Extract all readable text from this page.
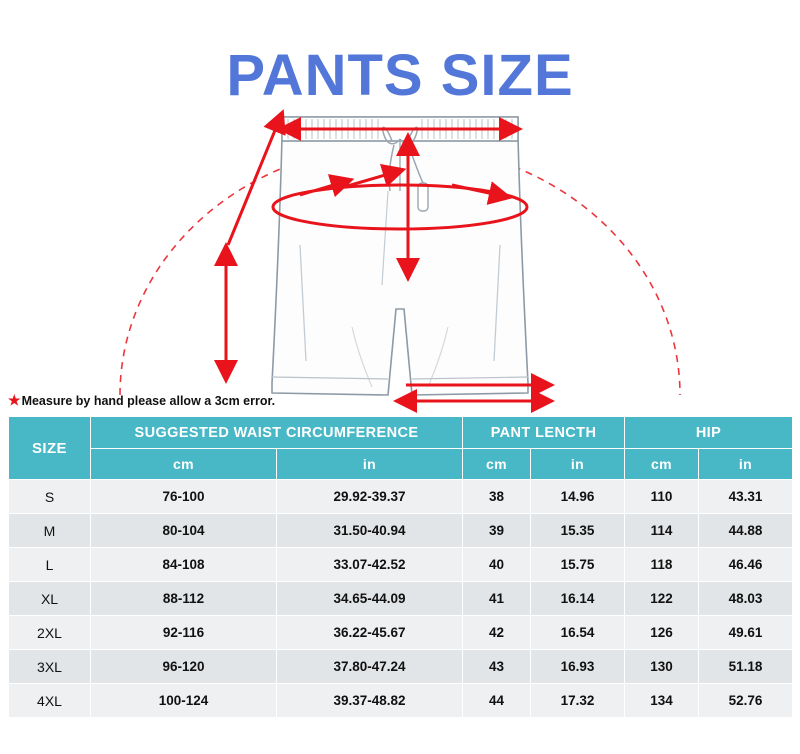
PANTS SIZE
★Measure by hand please allow a 3cm error.
SIZE	SUGGESTED WAIST CIRCUMFERENCE		PANT LENCTH		HIP	
	cm	in	cm	in	cm	in
S	76-100	29.92-39.37	38	14.96	110	43.31
M	80-104	31.50-40.94	39	15.35	114	44.88
L	84-108	33.07-42.52	40	15.75	118	46.46
XL	88-112	34.65-44.09	41	16.14	122	48.03
2XL	92-116	36.22-45.67	42	16.54	126	49.61
3XL	96-120	37.80-47.24	43	16.93	130	51.18
4XL	100-124	39.37-48.82	44	17.32	134	52.76
